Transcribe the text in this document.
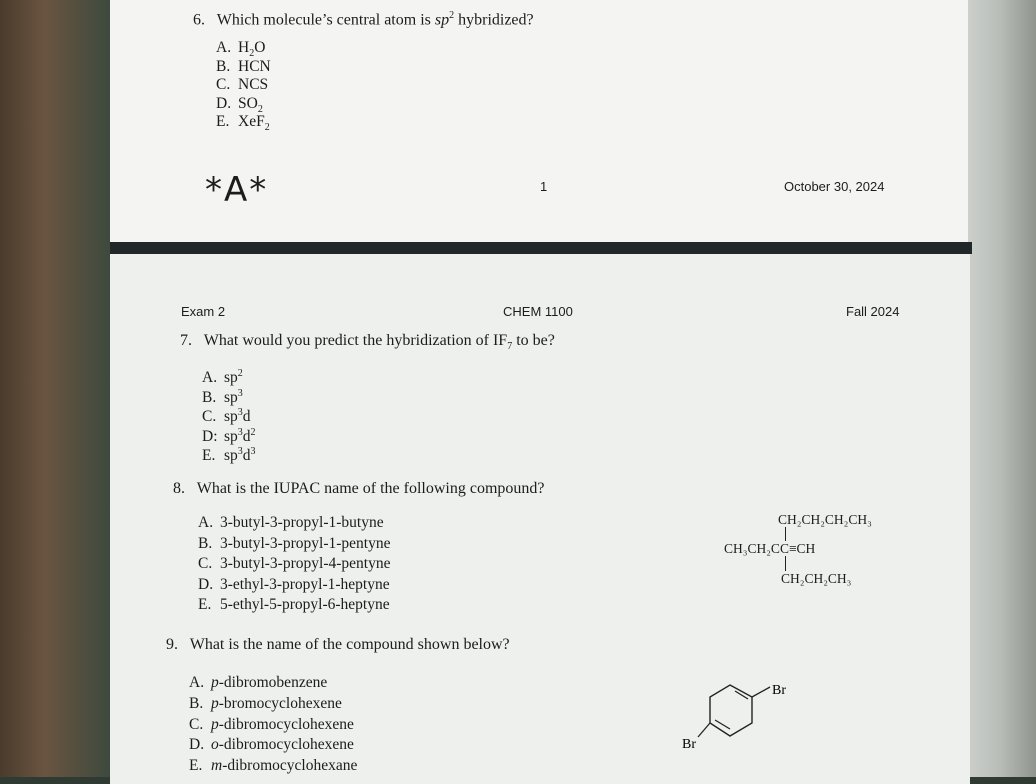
6. Which molecule’s central atom is $sp^2$ hybridized?
A. $H_2O$
B. HCN
C. NCS
D. $SO_2$
E. XeF$_2$
*A*	1	October 30, 2024
Exam 2	CHEM 1100	Fall 2024
7. What would you predict the hybridization of $IF_7$ to be?
A. $sp^2$
B. $sp^3$
C. $sp^3d$
D: $sp^3d^2$
E. $sp^3d^3$
8. What is the IUPAC name of the following compound?
A. 3-butyl-3-propyl-1-butyne
B. 3-butyl-3-propyl-1-pentyne
C. 3-butyl-3-propyl-4-pentyne
D. 3-ethyl-3-propyl-1-heptyne
E. 5-ethyl-5-propyl-6-heptyne
CH₂CH₂CH₂CH₃
CH₃CH₂CC≡CH
CH₂CH₂CH₃
9. What is the name of the compound shown below?
A. p-dibromobenzene
B. p-bromocyclohexene
C. p-dibromocyclohexene
D. o-dibromocyclohexene
E. m-dibromocyclohexane
Br
Br
